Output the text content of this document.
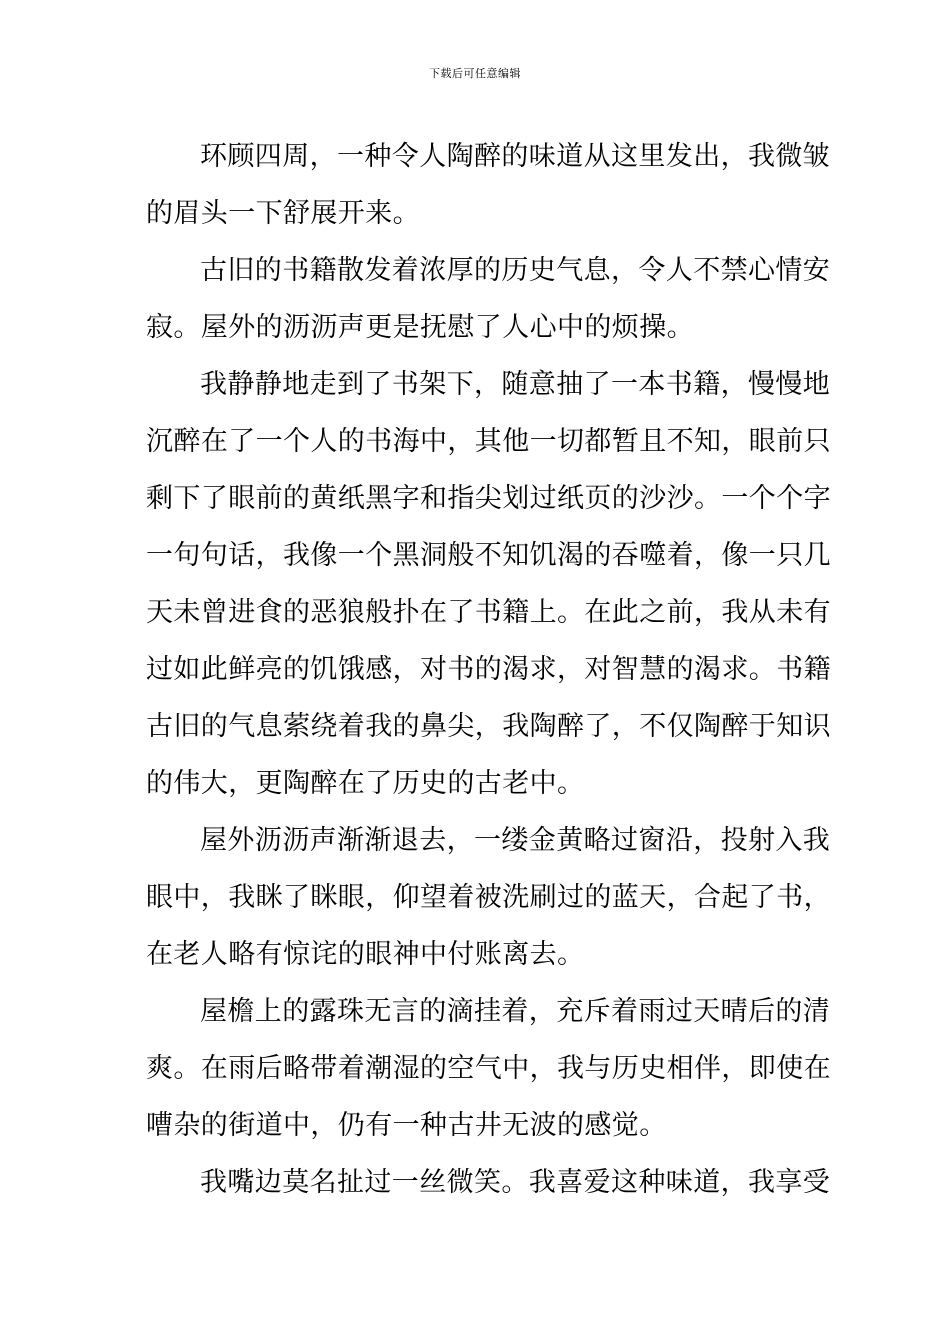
下载后可任意编辑

环顾四周，一种令人陶醉的味道从这里发出，我微皱
的眉头一下舒展开来。

古旧的书籍散发着浓厚的历史气息，令人不禁心情安
寂。屋外的沥沥声更是抚慰了人心中的烦操。

我静静地走到了书架下，随意抽了一本书籍，慢慢地
沉醉在了一个人的书海中，其他一切都暂且不知，眼前只
剩下了眼前的黄纸黑字和指尖划过纸页的沙沙。一个个字
一句句话，我像一个黑洞般不知饥渴的吞噬着，像一只几
天未曾进食的恶狼般扑在了书籍上。在此之前，我从未有
过如此鲜亮的饥饿感，对书的渴求，对智慧的渴求。书籍
古旧的气息萦绕着我的鼻尖，我陶醉了，不仅陶醉于知识
的伟大，更陶醉在了历史的古老中。

屋外沥沥声渐渐退去，一缕金黄略过窗沿，投射入我
眼中，我眯了眯眼，仰望着被洗刷过的蓝天，合起了书，
在老人略有惊诧的眼神中付账离去。

屋檐上的露珠无言的滴挂着，充斥着雨过天晴后的清
爽。在雨后略带着潮湿的空气中，我与历史相伴，即使在
嘈杂的街道中，仍有一种古井无波的感觉。

我嘴边莫名扯过一丝微笑。我喜爱这种味道，我享受
